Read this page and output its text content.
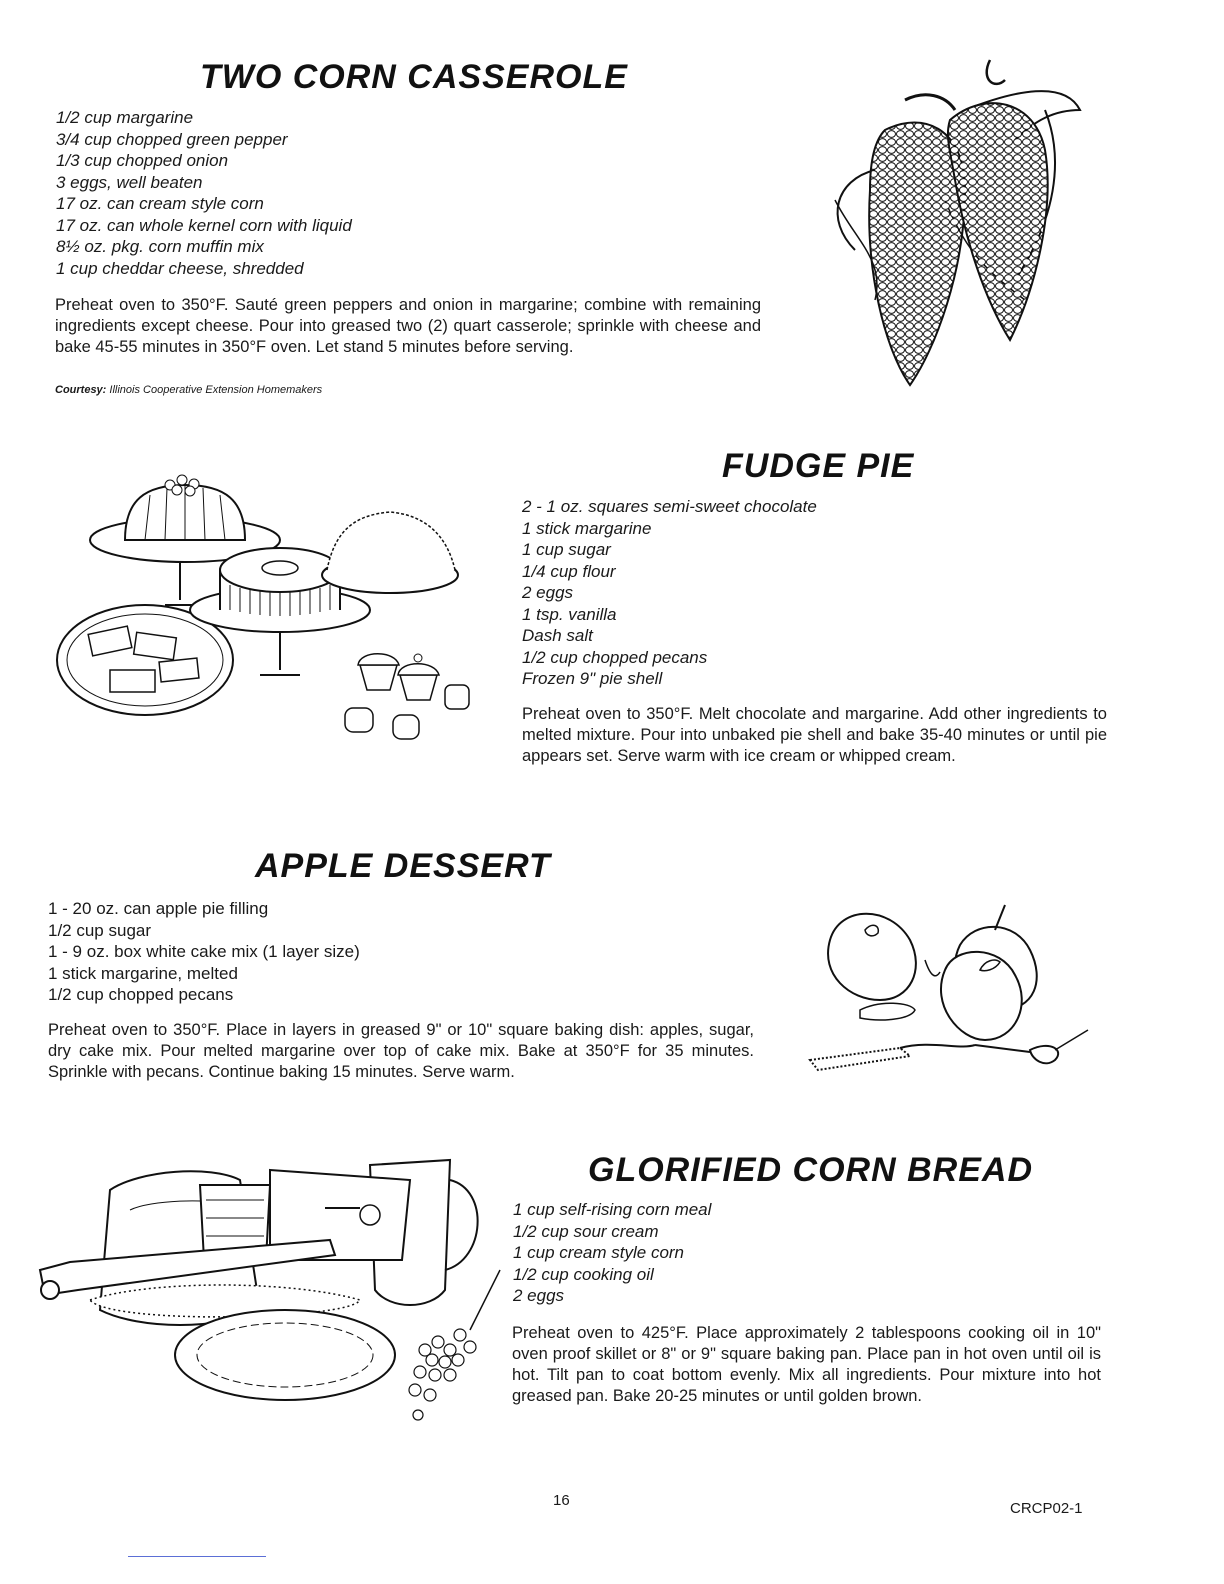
TWO CORN CASSEROLE
1/2 cup margarine
3/4 cup chopped green pepper
1/3 cup chopped onion
3 eggs, well beaten
17 oz. can cream style corn
17 oz. can whole kernel corn with liquid
8½ oz. pkg. corn muffin mix
1 cup cheddar cheese, shredded

Preheat oven to 350°F. Sauté green peppers and onion in margarine; combine with remaining ingredients except cheese. Pour into greased two (2) quart casserole; sprinkle with cheese and bake 45-55 minutes in 350°F oven. Let stand 5 minutes before serving.

Courtesy: Illinois Cooperative Extension Homemakers

FUDGE PIE
2 - 1 oz. squares semi-sweet chocolate
1 stick margarine
1 cup sugar
1/4 cup flour
2 eggs
1 tsp. vanilla
Dash salt
1/2 cup chopped pecans
Frozen 9" pie shell

Preheat oven to 350°F. Melt chocolate and margarine. Add other ingredients to melted mixture. Pour into unbaked pie shell and bake 35-40 minutes or until pie appears set. Serve warm with ice cream or whipped cream.

APPLE DESSERT
1 - 20 oz. can apple pie filling
1/2 cup sugar
1 - 9 oz. box white cake mix (1 layer size)
1 stick margarine, melted
1/2 cup chopped pecans

Preheat oven to 350°F. Place in layers in greased 9" or 10" square baking dish: apples, sugar, dry cake mix. Pour melted margarine over top of cake mix. Bake at 350°F for 35 minutes. Sprinkle with pecans. Continue baking 15 minutes. Serve warm.

GLORIFIED CORN BREAD
1 cup self-rising corn meal
1/2 cup sour cream
1 cup cream style corn
1/2 cup cooking oil
2 eggs

Preheat oven to 425°F. Place approximately 2 tablespoons cooking oil in 10" oven proof skillet or 8" or 9" square baking pan. Place pan in hot oven until oil is hot. Tilt pan to coat bottom evenly. Mix all ingredients. Pour mixture into hot greased pan. Bake 20-25 minutes or until golden brown.

16	CRCP02-1
